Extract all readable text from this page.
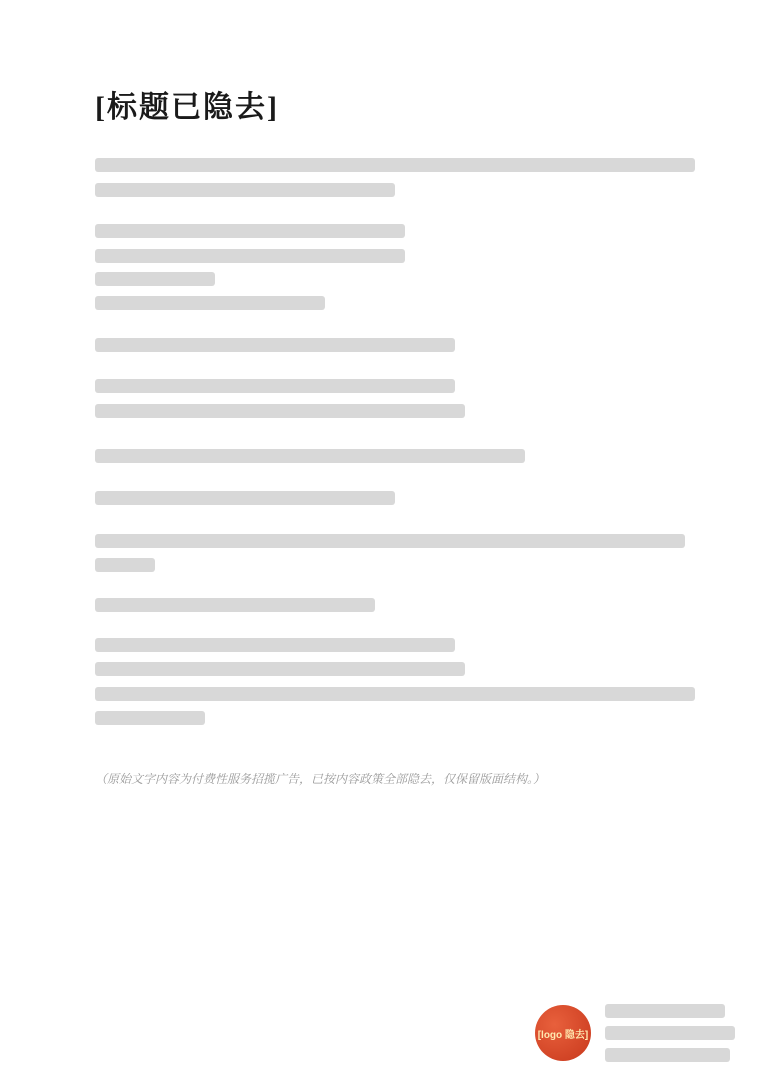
[标题已隐去]
（原始文字内容为付费性服务招揽广告，已按内容政策全部隐去，仅保留版面结构。）
[logo 隐去]
